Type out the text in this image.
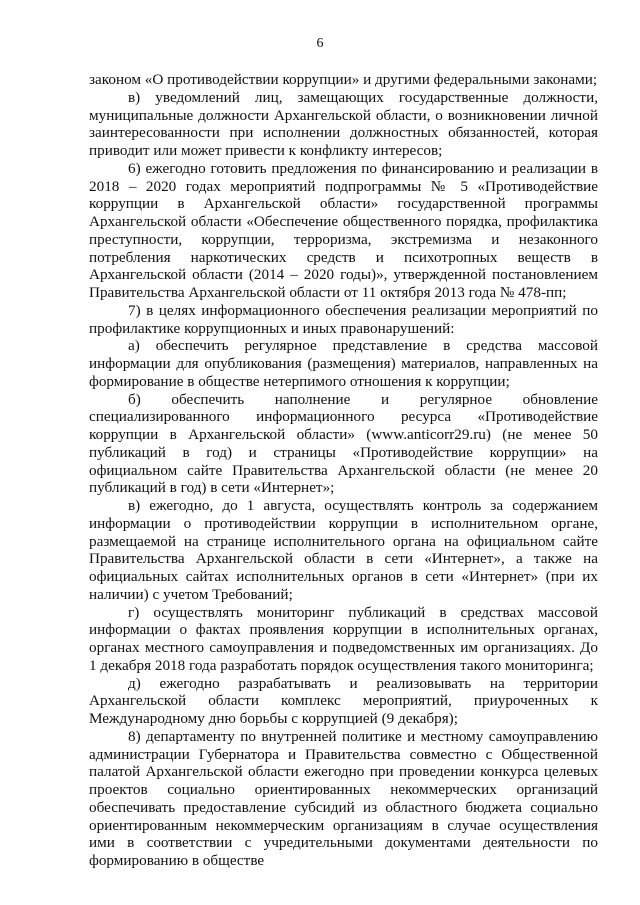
6

законом «О противодействии коррупции» и другими федеральными законами;

в) уведомлений лиц, замещающих государственные должности, муниципальные должности Архангельской области, о возникновении личной заинтересованности при исполнении должностных обязанностей, которая приводит или может привести к конфликту интересов;

6) ежегодно готовить предложения по финансированию и реализации в 2018 – 2020 годах мероприятий подпрограммы № 5 «Противодействие коррупции в Архангельской области» государственной программы Архангельской области «Обеспечение общественного порядка, профилактика преступности, коррупции, терроризма, экстремизма и незаконного потребления наркотических средств и психотропных веществ в Архангельской области (2014 – 2020 годы)», утвержденной постановлением Правительства Архангельской области от 11 октября 2013 года № 478-пп;

7) в целях информационного обеспечения реализации мероприятий по профилактике коррупционных и иных правонарушений:

а) обеспечить регулярное представление в средства массовой информации для опубликования (размещения) материалов, направленных на формирование в обществе нетерпимого отношения к коррупции;

б) обеспечить наполнение и регулярное обновление специализированного информационного ресурса «Противодействие коррупции в Архангельской области» (www.anticorr29.ru) (не менее 50 публикаций в год) и страницы «Противодействие коррупции» на официальном сайте Правительства Архангельской области (не менее 20 публикаций в год) в сети «Интернет»;

в) ежегодно, до 1 августа, осуществлять контроль за содержанием информации о противодействии коррупции в исполнительном органе, размещаемой на странице исполнительного органа на официальном сайте Правительства Архангельской области в сети «Интернет», а также на официальных сайтах исполнительных органов в сети «Интернет» (при их наличии) с учетом Требований;

г) осуществлять мониторинг публикаций в средствах массовой информации о фактах проявления коррупции в исполнительных органах, органах местного самоуправления и подведомственных им организациях. До 1 декабря 2018 года разработать порядок осуществления такого мониторинга;

д) ежегодно разрабатывать и реализовывать на территории Архангельской области комплекс мероприятий, приуроченных к Международному дню борьбы с коррупцией (9 декабря);

8) департаменту по внутренней политике и местному самоуправлению администрации Губернатора и Правительства совместно с Общественной палатой Архангельской области ежегодно при проведении конкурса целевых проектов социально ориентированных некоммерческих организаций обеспечивать предоставление субсидий из областного бюджета социально ориентированным некоммерческим организациям в случае осуществления ими в соответствии с учредительными документами деятельности по формированию в обществе
